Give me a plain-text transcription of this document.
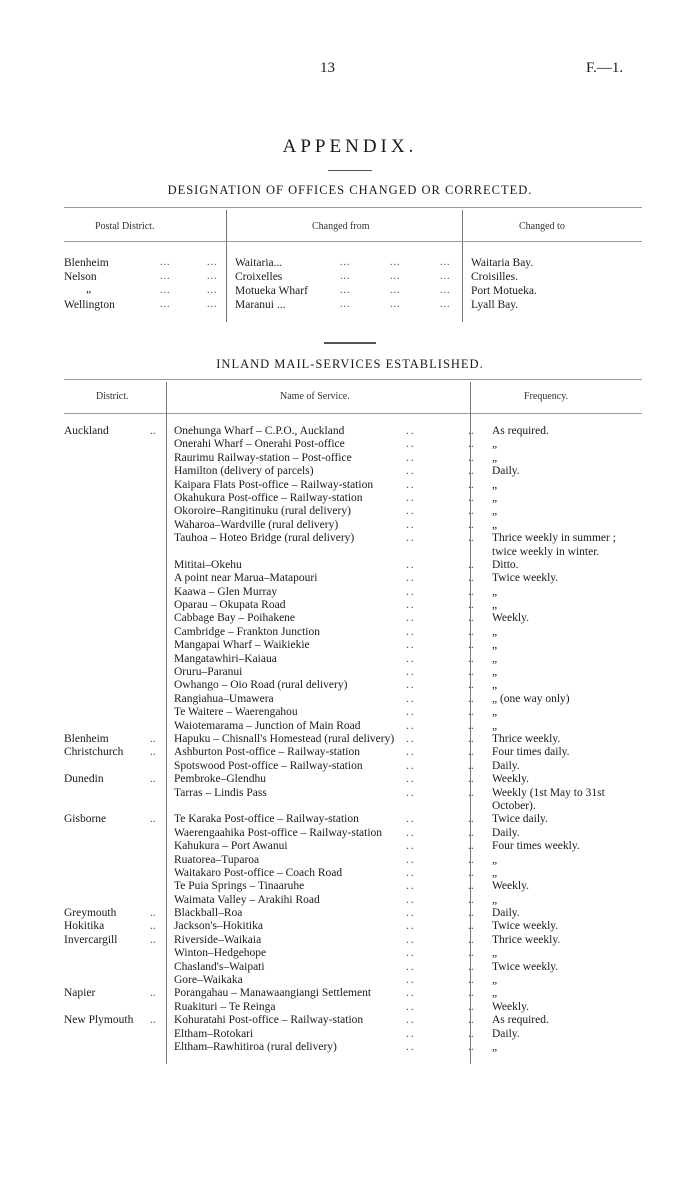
13	F.—1.
APPENDIX.
DESIGNATION OF OFFICES CHANGED OR CORRECTED.
Postal District.	Changed from	Changed to
Blenheim	...	... Waitaria...	...	...	... Waitaria Bay.
Nelson	...	... Croixelles	...	...	... Croisilles.
„	...	... Motueka Wharf	...	...	... Port Motueka.
Wellington	...	... Maranui ...	...	...	... Lyall Bay.
INLAND MAIL-SERVICES ESTABLISHED.
District.	Name of Service.	Frequency.
Auckland	..	Onehunga Wharf – C.P.O., Auckland	..	..	As required.
		Onerahi Wharf – Onerahi Post-office	..	..	„
		Raurimu Railway-station – Post-office	..	..	„
		Hamilton (delivery of parcels)	..	..	Daily.
		Kaipara Flats Post-office – Railway-station	..	..	„
		Okahukura Post-office – Railway-station	..	..	„
		Okoroire–Rangitinuku (rural delivery)	..	..	„
		Waharoa–Wardville (rural delivery)	..	..	„
		Tauhoa – Hoteo Bridge (rural delivery)	..	..	Thrice weekly in summer ;
					twice weekly in winter.
		Mititai–Okehu	..	..	Ditto.
		A point near Marua–Matapouri	..	..	Twice weekly.
		Kaawa – Glen Murray	..	..	„
		Oparau – Okupata Road	..	..	„
		Cabbage Bay – Poihakene	..	..	Weekly.
		Cambridge – Frankton Junction	..	..	„
		Mangapai Wharf – Waikiekie	..	..	„
		Mangatawhiri–Kaiaua	..	..	„
		Oruru–Paranui	..	..	„
		Owhango – Oio Road (rural delivery)	..	..	„
		Rangiahua–Umawera	..	..	„ (one way only)
		Te Waitere – Waerengahou	..	..	„
		Waiotemarama – Junction of Main Road	..	..	„
Blenheim	..	Hapuku – Chisnall's Homestead (rural delivery)	..	..	Thrice weekly.
Christchurch	..	Ashburton Post-office – Railway-station	..	..	Four times daily.
		Spotswood Post-office – Railway-station	..	..	Daily.
Dunedin	..	Pembroke–Glendhu	..	..	Weekly.
		Tarras – Lindis Pass	..	..	Weekly (1st May to 31st
					October).
Gisborne	..	Te Karaka Post-office – Railway-station	..	..	Twice daily.
		Waerengaahika Post-office – Railway-station	..	..	Daily.
		Kahukura – Port Awanui	..	..	Four times weekly.
		Ruatorea–Tuparoa	..	..	„
		Waitakaro Post-office – Coach Road	..	..	„
		Te Puia Springs – Tinaaruhe	..	..	Weekly.
		Waimata Valley – Arakihi Road	..	..	„
Greymouth	..	Blackball–Roa	..	..	Daily.
Hokitika	..	Jackson's–Hokitika	..	..	Twice weekly.
Invercargill	..	Riverside–Waikaia	..	..	Thrice weekly.
		Winton–Hedgehope	..	..	„
		Chasland's–Waipati	..	..	Twice weekly.
		Gore–Waikaka	..	..	„
Napier	..	Porangahau – Manawaangiangi Settlement	..	..	„
		Ruakituri – Te Reinga	..	..	Weekly.
New Plymouth	..	Kohuratahi Post-office – Railway-station	..	..	As required.
		Eltham–Rotokari	..	..	Daily.
		Eltham–Rawhitiroa (rural delivery)	..	..	„
